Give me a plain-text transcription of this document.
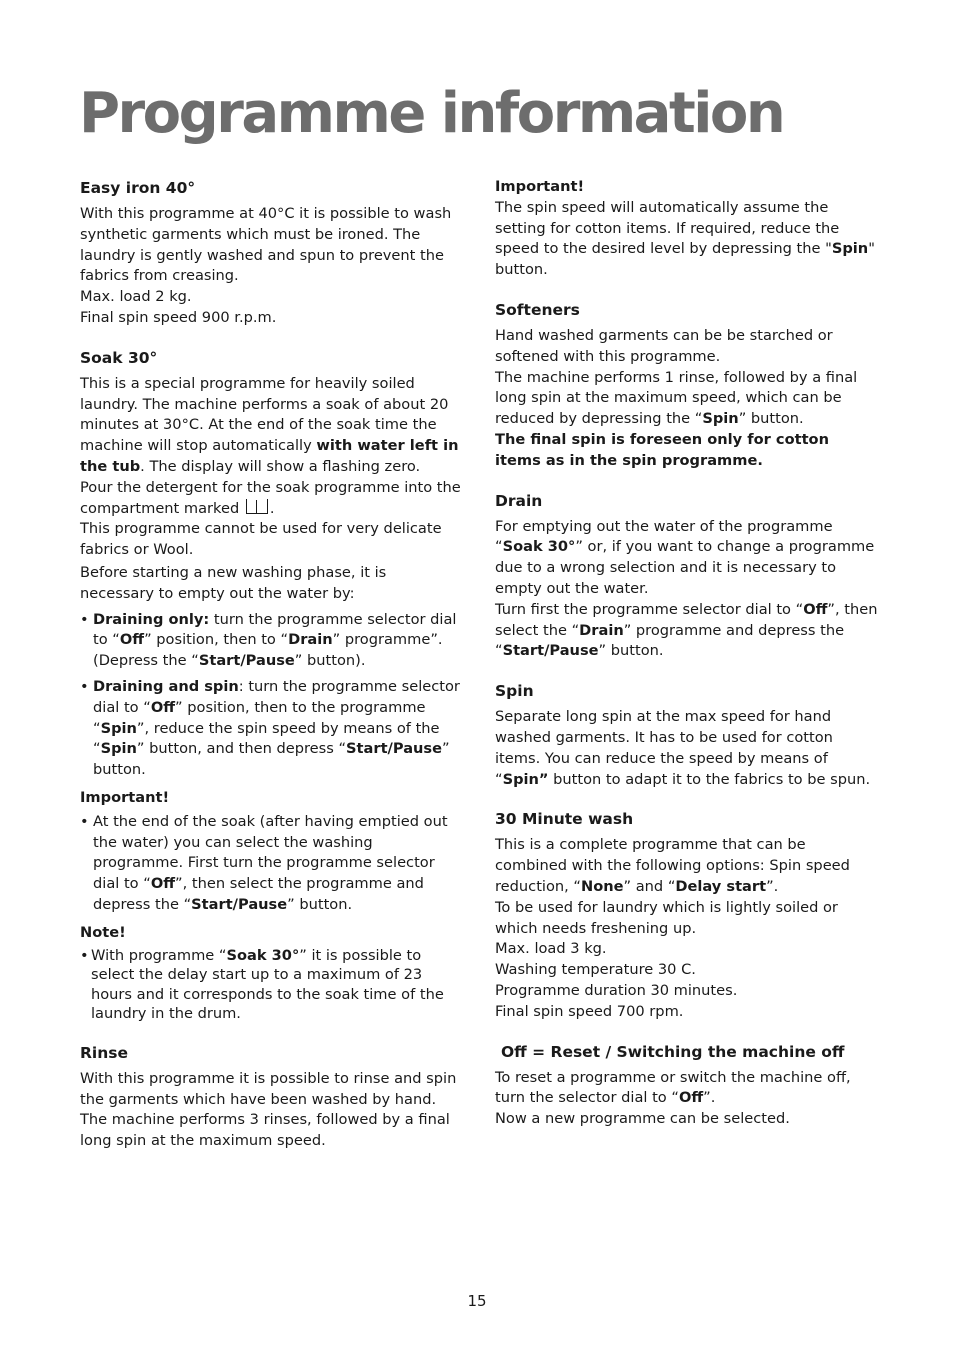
Programme information
Easy iron 40°

With this programme at 40°C it is possible to wash synthetic garments which must be ironed. The laundry is gently washed and spun to prevent the fabrics from creasing.

Max. load 2 kg.

Final spin speed 900 r.p.m.

Soak 30°

This is a special programme for heavily soiled laundry. The machine performs a soak of about 20 minutes at 30°C. At the end of the soak time the machine will stop automatically with water left in the tub. The display will show a flashing zero.

Pour the detergent for the soak programme into the compartment marked .

This programme cannot be used for very delicate fabrics or Wool.

Before starting a new washing phase, it is necessary to empty out the water by:

• Draining only: turn the programme selector dial to “Off” position, then to “Drain” programme”. (Depress the “Start/Pause” button).
• Draining and spin: turn the programme selector dial to “Off” position, then to the programme “Spin”, reduce the spin speed by means of the “Spin” button, and then depress “Start/Pause” button.
Important!
• At the end of the soak (after having emptied out the water) you can select the washing programme. First turn the programme selector dial to “Off”, then select the programme and depress the “Start/Pause” button.
Note!
• With programme “Soak 30°” it is possible to select the delay start up to a maximum of 23 hours and it corresponds to the soak time of the laundry in the drum.
Rinse

With this programme it is possible to rinse and spin the garments which have been washed by hand. The machine performs 3 rinses, followed by a final long spin at the maximum speed.

Important!

The spin speed will automatically assume the setting for cotton items. If required, reduce the speed to the desired level by depressing the "Spin" button.

Softeners

Hand washed garments can be be starched or softened with this programme.

The machine performs 1 rinse, followed by a final long spin at the maximum speed, which can be reduced by depressing the “Spin” button.

The final spin is foreseen only for cotton items as in the spin programme.

Drain

For emptying out the water of the programme “Soak 30°” or, if you want to change a programme due to a wrong selection and it is necessary to empty out the water.

Turn first the programme selector dial to “Off”, then select the “Drain” programme and depress the “Start/Pause” button.

Spin

Separate long spin at the max speed for hand washed garments. It has to be used for cotton items. You can reduce the speed by means of “Spin” button to adapt it to the fabrics to be spun.

30 Minute wash

This is a complete programme that can be combined with the following options: Spin speed reduction, “None” and “Delay start”.

To be used for laundry which is lightly soiled or which needs freshening up.

Max. load 3 kg.

Washing temperature 30 C.

Programme duration 30 minutes.

Final spin speed 700 rpm.

Off = Reset / Switching the machine off

To reset a programme or switch the machine off, turn the selector dial to “Off”.

Now a new programme can be selected.

15
